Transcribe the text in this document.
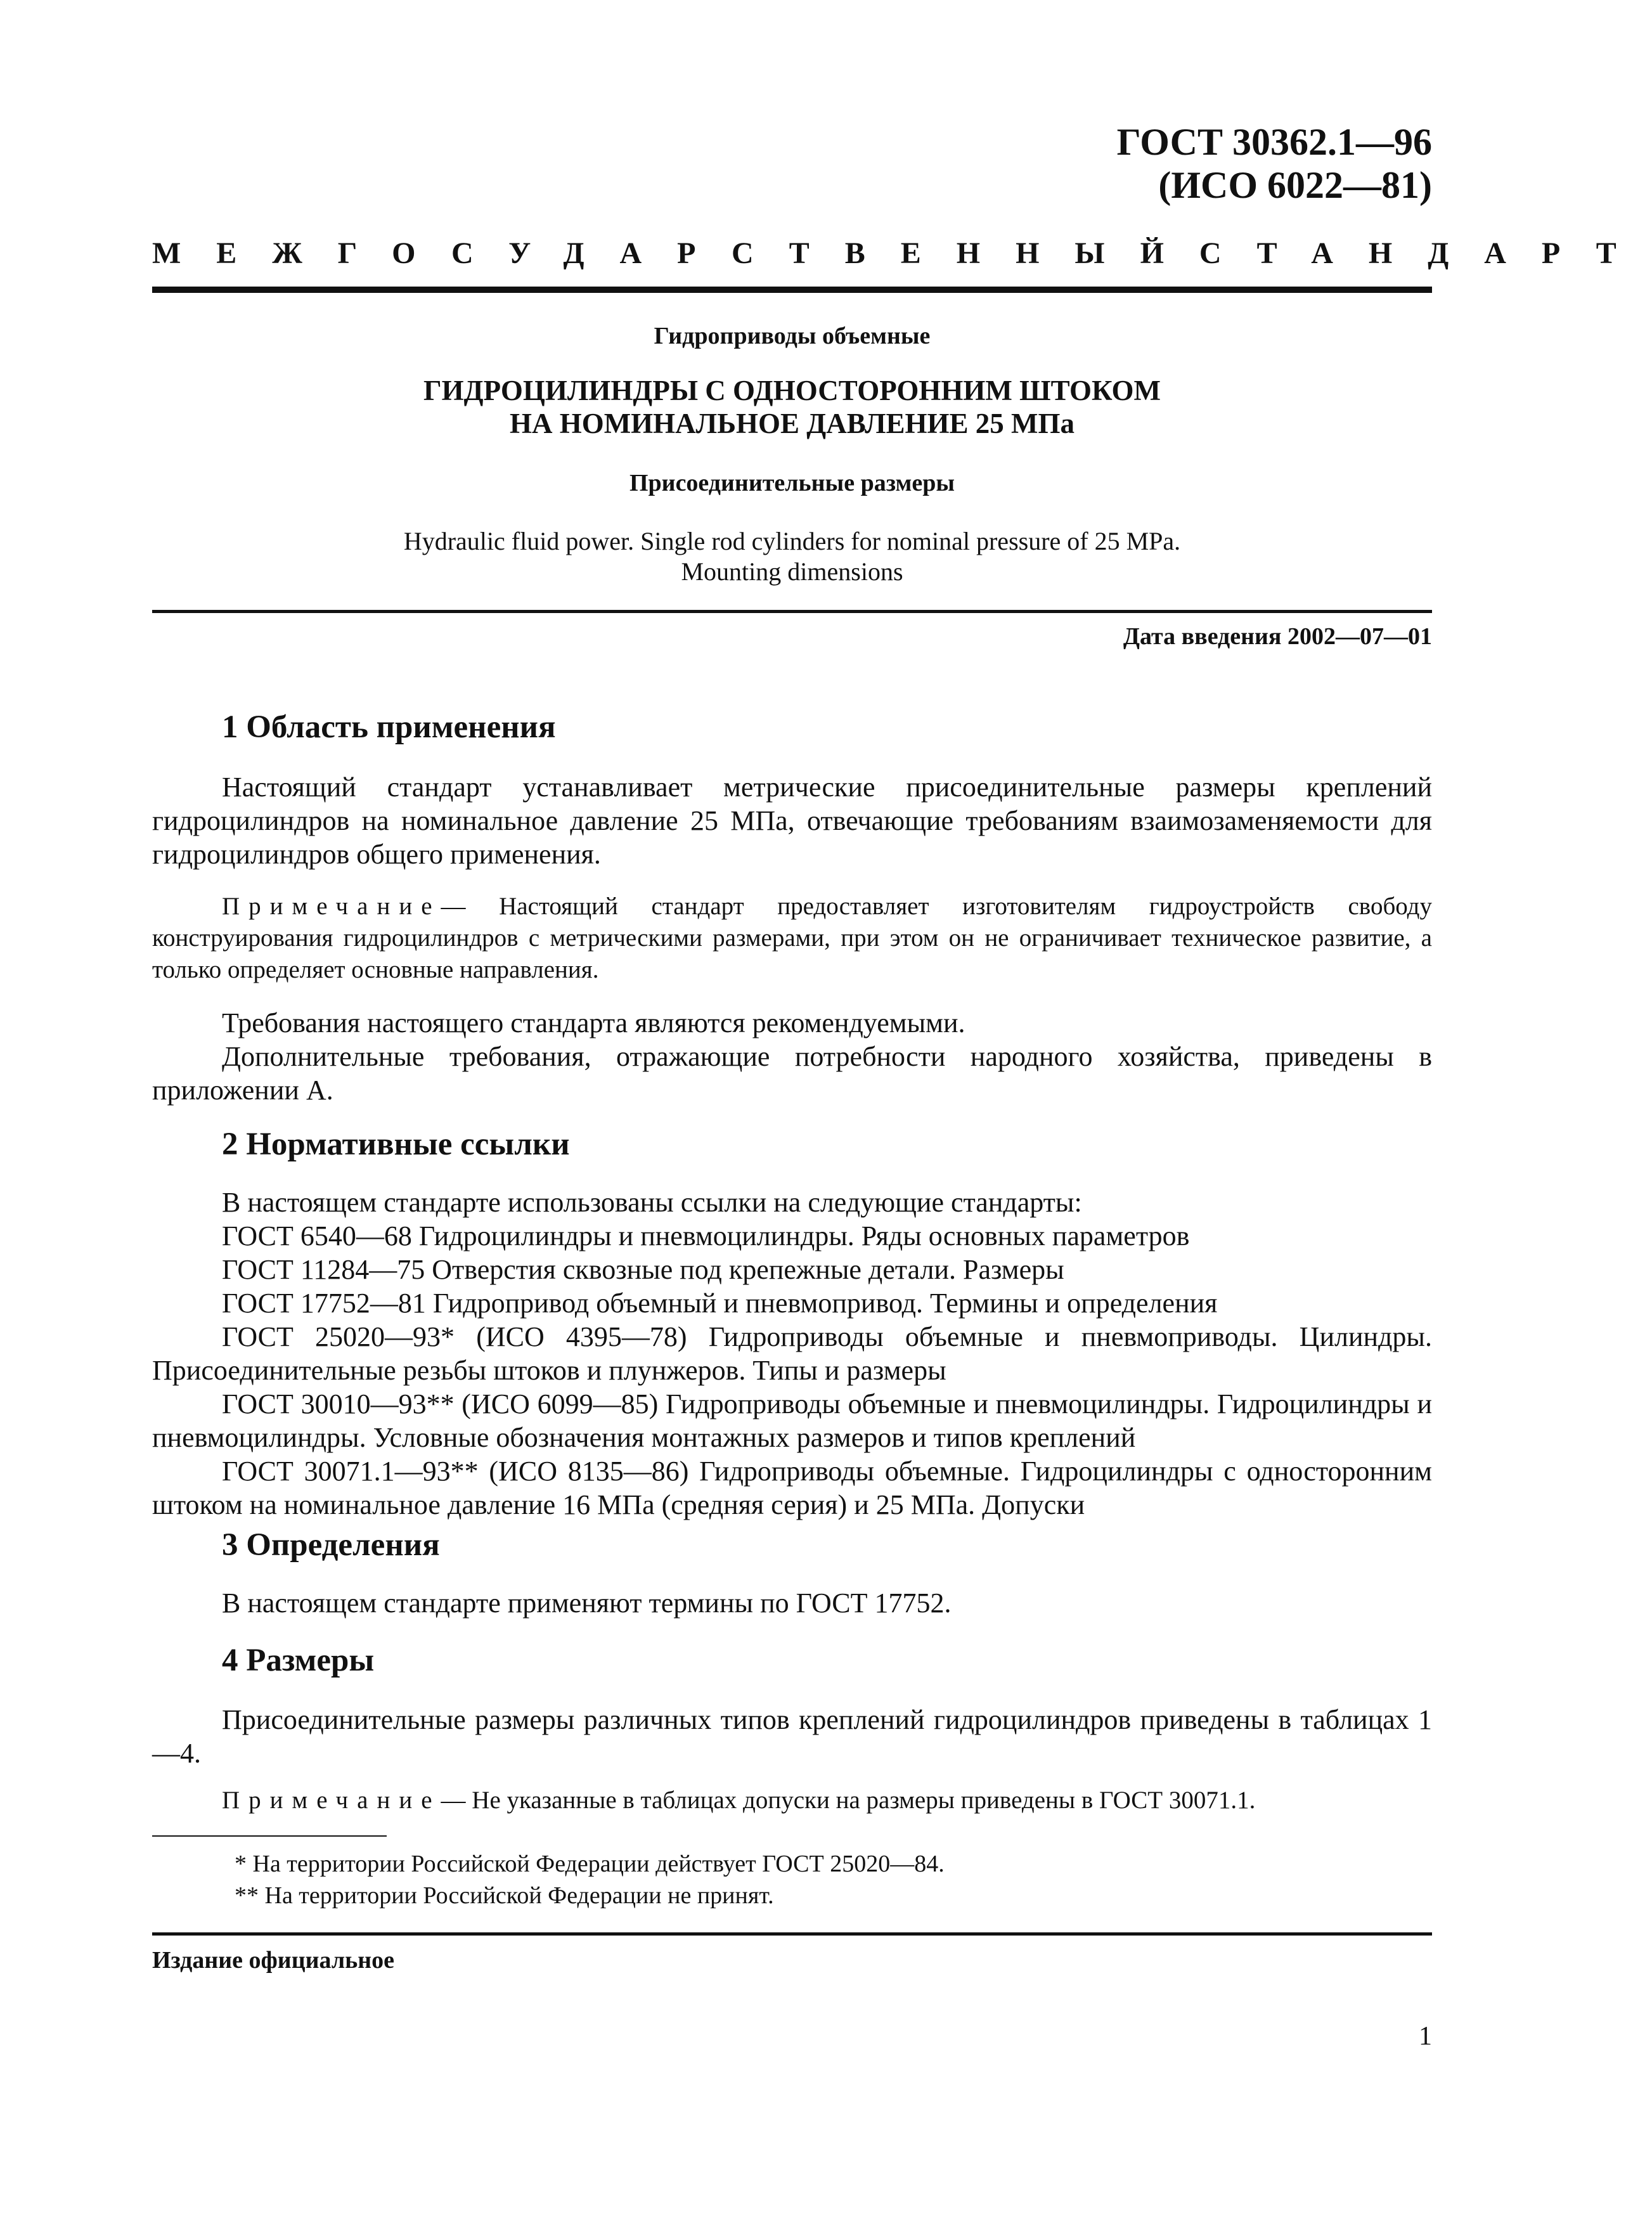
ГОСТ 30362.1—96
(ИСО 6022—81)
МЕЖГОСУДАРСТВЕННЫЙ СТАНДАРТ
Гидроприводы объемные
ГИДРОЦИЛИНДРЫ С ОДНОСТОРОННИМ ШТОКОМ
НА НОМИНАЛЬНОЕ ДАВЛЕНИЕ 25 МПа
Присоединительные размеры
Hydraulic fluid power. Single rod cylinders for nominal pressure of 25 MPa.
Mounting dimensions
Дата введения 2002—07—01
1 Область применения

Настоящий стандарт устанавливает метрические присоединительные размеры креплений гидроцилиндров на номинальное давление 25 МПа, отвечающие требованиям взаимозаменяемости для гидроцилиндров общего применения.

Примечание— Настоящий стандарт предоставляет изготовителям гидроустройств свободу конструирования гидроцилиндров с метрическими размерами, при этом он не ограничивает техническое развитие, а только определяет основные направления.

Требования настоящего стандарта являются рекомендуемыми.

Дополнительные требования, отражающие потребности народного хозяйства, приведены в приложении А.

2 Нормативные ссылки

В настоящем стандарте использованы ссылки на следующие стандарты:

ГОСТ 6540—68 Гидроцилиндры и пневмоцилиндры. Ряды основных параметров

ГОСТ 11284—75 Отверстия сквозные под крепежные детали. Размеры

ГОСТ 17752—81 Гидропривод объемный и пневмопривод. Термины и определения

ГОСТ 25020—93* (ИСО 4395—78) Гидроприводы объемные и пневмоприводы. Цилиндры. Присоединительные резьбы штоков и плунжеров. Типы и размеры

ГОСТ 30010—93** (ИСО 6099—85) Гидроприводы объемные и пневмоцилиндры. Гидроцилиндры и пневмоцилиндры. Условные обозначения монтажных размеров и типов креплений

ГОСТ 30071.1—93** (ИСО 8135—86) Гидроприводы объемные. Гидроцилиндры с односторонним штоком на номинальное давление 16 МПа (средняя серия) и 25 МПа. Допуски

3 Определения

В настоящем стандарте применяют термины по ГОСТ 17752.

4 Размеры

Присоединительные размеры различных типов креплений гидроцилиндров приведены в таблицах 1—4.

Примечание— Не указанные в таблицах допуски на размеры приведены в ГОСТ 30071.1.

* На территории Российской Федерации действует ГОСТ 25020—84.
** На территории Российской Федерации не принят.
Издание официальное
1
